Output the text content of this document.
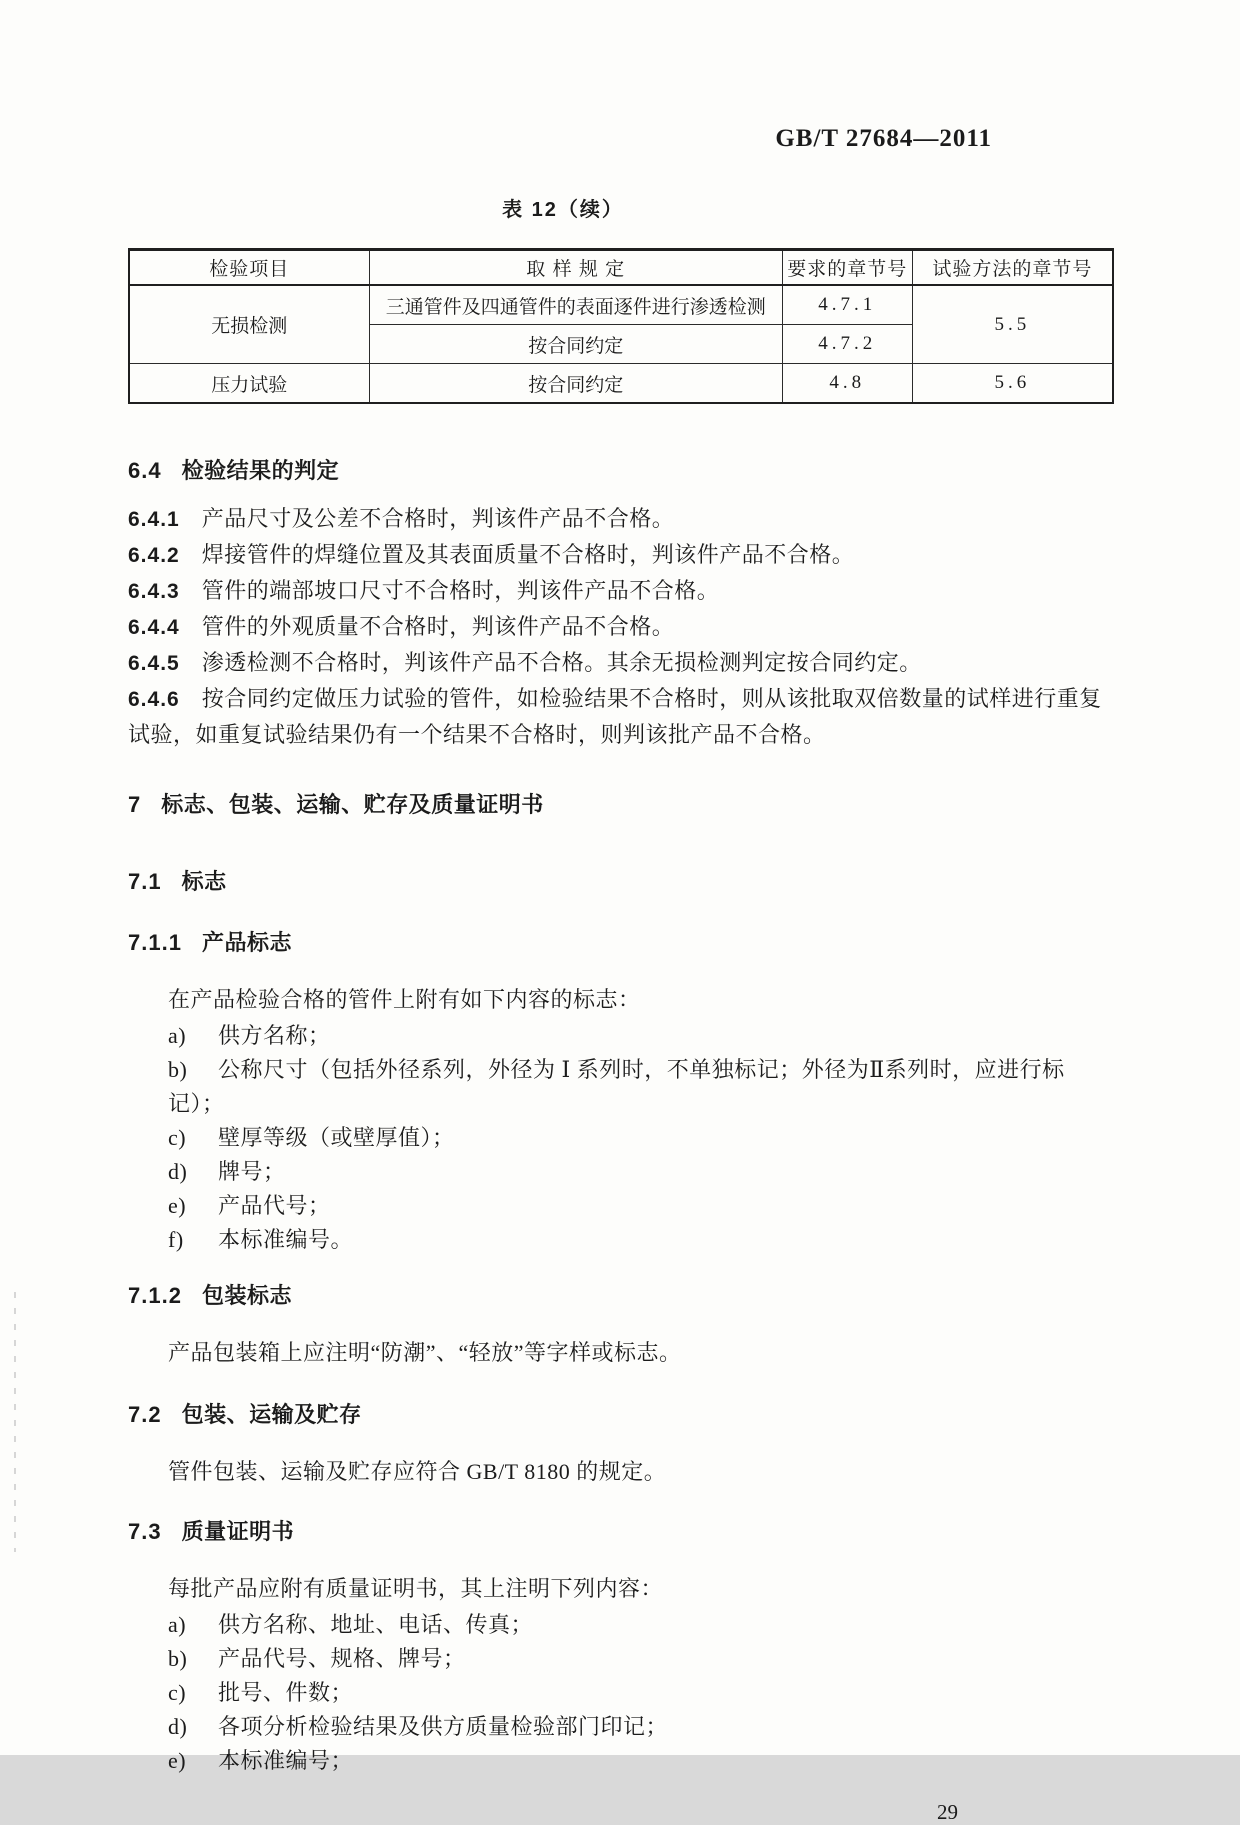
GB/T 27684—2011
表 12（续）
检验项目	取 样 规 定	要求的章节号	试验方法的章节号
无损检测	三通管件及四通管件的表面逐件进行渗透检测	4.7.1	5.5
	按合同约定	4.7.2	
压力试验	按合同约定	4.8	5.6
6.4 检验结果的判定

6.4.1 产品尺寸及公差不合格时，判该件产品不合格。

6.4.2 焊接管件的焊缝位置及其表面质量不合格时，判该件产品不合格。

6.4.3 管件的端部坡口尺寸不合格时，判该件产品不合格。

6.4.4 管件的外观质量不合格时，判该件产品不合格。

6.4.5 渗透检测不合格时，判该件产品不合格。其余无损检测判定按合同约定。

6.4.6 按合同约定做压力试验的管件，如检验结果不合格时，则从该批取双倍数量的试样进行重复试验，如重复试验结果仍有一个结果不合格时，则判该批产品不合格。

7 标志、包装、运输、贮存及质量证明书
7.1 标志
7.1.1 产品标志

在产品检验合格的管件上附有如下内容的标志：

a) 供方名称；
b) 公称尺寸（包括外径系列，外径为 Ⅰ 系列时，不单独标记；外径为Ⅱ系列时，应进行标记）；
c) 壁厚等级（或壁厚值）；
d) 牌号；
e) 产品代号；
f) 本标准编号。
7.1.2 包装标志

产品包装箱上应注明“防潮”、“轻放”等字样或标志。

7.2 包装、运输及贮存

管件包装、运输及贮存应符合 GB/T 8180 的规定。

7.3 质量证明书

每批产品应附有质量证明书，其上注明下列内容：

a) 供方名称、地址、电话、传真；
b) 产品代号、规格、牌号；
c) 批号、件数；
d) 各项分析检验结果及供方质量检验部门印记；
e) 本标准编号；
29
